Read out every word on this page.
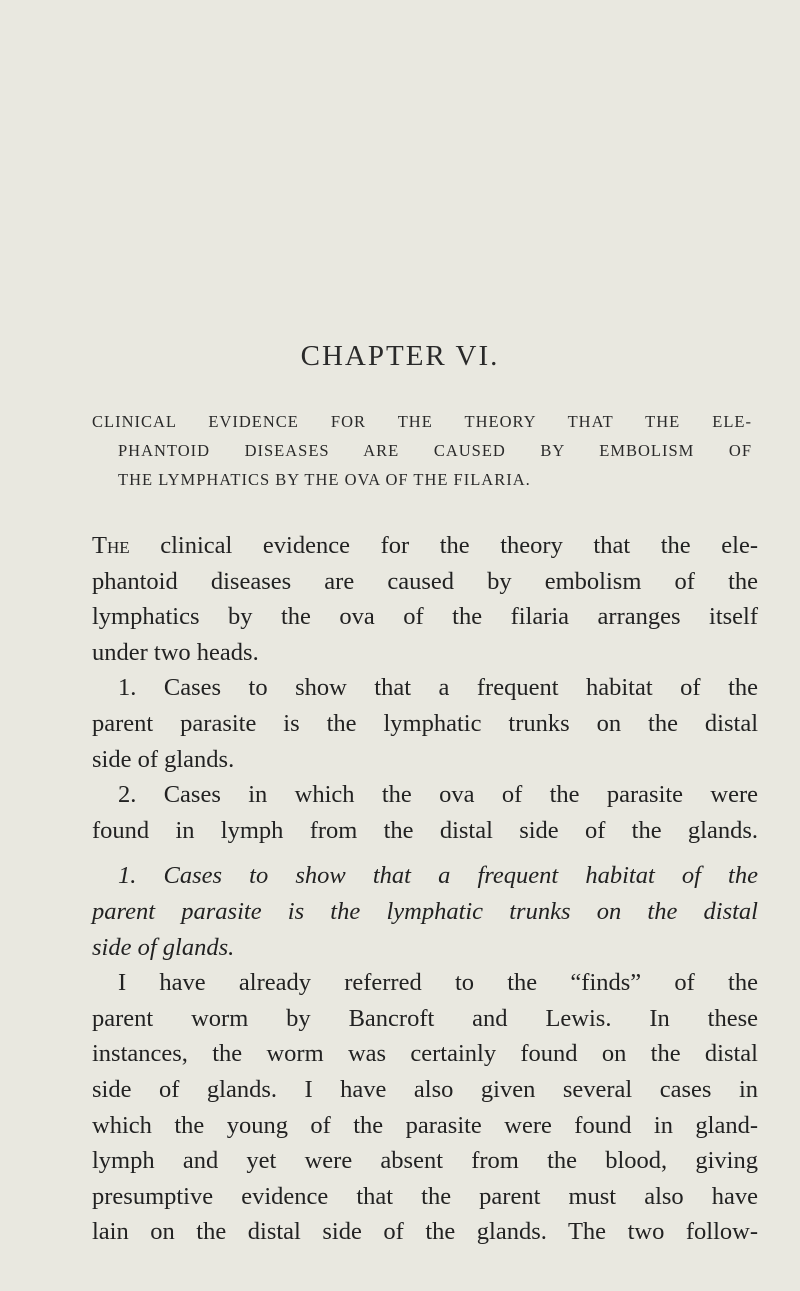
CHAPTER VI.
CLINICAL EVIDENCE FOR THE THEORY THAT THE ELE-
PHANTOID DISEASES ARE CAUSED BY EMBOLISM OF
THE LYMPHATICS BY THE OVA OF THE FILARIA.
The clinical evidence for the theory that the ele-
phantoid diseases are caused by embolism of the
lymphatics by the ova of the filaria arranges itself
under two heads.
1. Cases to show that a frequent habitat of the
parent parasite is the lymphatic trunks on the distal
side of glands.
2. Cases in which the ova of the parasite were
found in lymph from the distal side of the glands.
1. Cases to show that a frequent habitat of the
parent parasite is the lymphatic trunks on the distal
side of glands.
I have already referred to the “finds” of the
parent worm by Bancroft and Lewis. In these
instances, the worm was certainly found on the distal
side of glands. I have also given several cases in
which the young of the parasite were found in gland-
lymph and yet were absent from the blood, giving
presumptive evidence that the parent must also have
lain on the distal side of the glands. The two follow-
